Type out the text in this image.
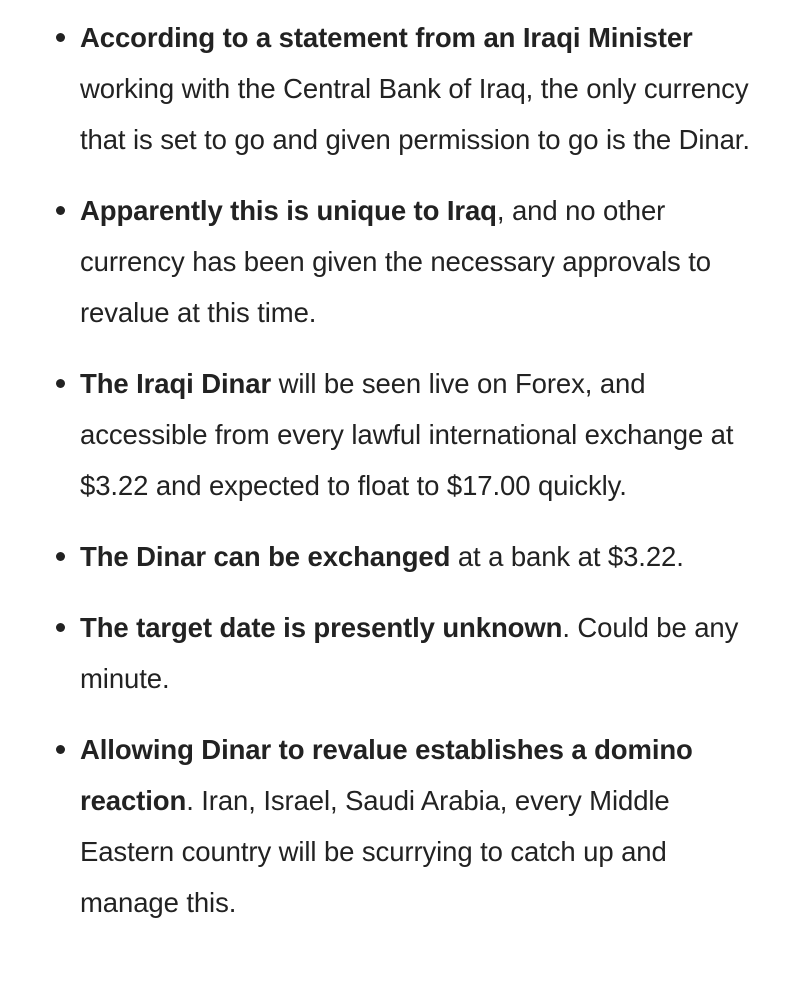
According to a statement from an Iraqi Minister working with the Central Bank of Iraq, the only currency that is set to go and given permission to go is the Dinar.
Apparently this is unique to Iraq, and no other currency has been given the necessary approvals to revalue at this time.
The Iraqi Dinar will be seen live on Forex, and accessible from every lawful international exchange at $3.22 and expected to float to $17.00 quickly.
The Dinar can be exchanged at a bank at $3.22.
The target date is presently unknown. Could be any minute.
Allowing Dinar to revalue establishes a domino reaction. Iran, Israel, Saudi Arabia, every Middle Eastern country will be scurrying to catch up and manage this.
